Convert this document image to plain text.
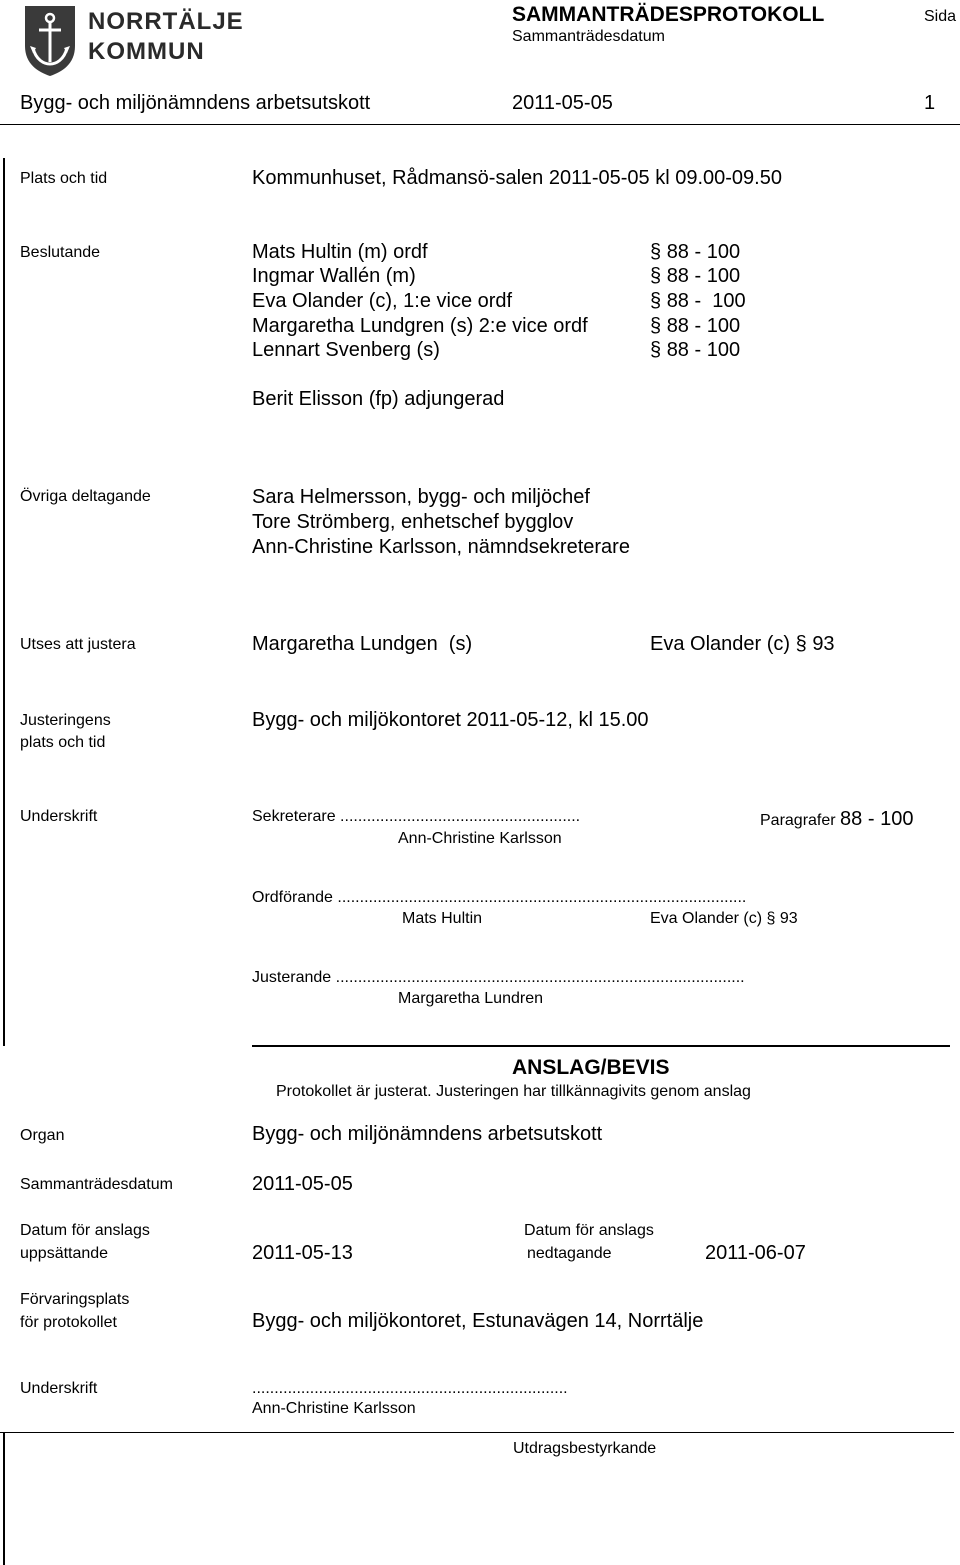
NORRTÄLJE
KOMMUN
SAMMANTRÄDESPROTOKOLL
Sammanträdesdatum
Sida
Bygg- och miljönämndens arbetsutskott	2011-05-05	1
Plats och tid	Kommunhuset, Rådmansö-salen 2011-05-05 kl 09.00-09.50
Beslutande	Mats Hultin (m) ordf	§ 88 - 100
Ingmar Wallén (m)	§ 88 - 100
Eva Olander (c), 1:e vice ordf	§ 88 -  100
Margaretha Lundgren (s) 2:e vice ordf	§ 88 - 100
Lennart Svenberg (s)	§ 88 - 100
Berit Elisson (fp) adjungerad
Övriga deltagande	Sara Helmersson, bygg- och miljöchef
Tore Strömberg, enhetschef bygglov
Ann-Christine Karlsson, nämndsekreterare
Utses att justera	Margaretha Lundgen  (s)	Eva Olander (c) § 93
Justeringens
plats och tid
Bygg- och miljökontoret 2011-05-12, kl 15.00
Underskrift	Sekreterare ......................................................	Paragrafer 88 - 100
Ann-Christine Karlsson
Ordförande ............................................................................................
Mats Hultin	Eva Olander (c) § 93
Justerande ............................................................................................
Margaretha Lundren
ANSLAG/BEVIS
Protokollet är justerat. Justeringen har tillkännagivits genom anslag
Organ	Bygg- och miljönämndens arbetsutskott
Sammanträdesdatum	2011-05-05
Datum för anslags
uppsättande	2011-05-13
Datum för anslags
nedtagande	2011-06-07
Förvaringsplats
för protokollet	Bygg- och miljökontoret, Estunavägen 14, Norrtälje
Underskrift	.......................................................................
Ann-Christine Karlsson
Utdragsbestyrkande
